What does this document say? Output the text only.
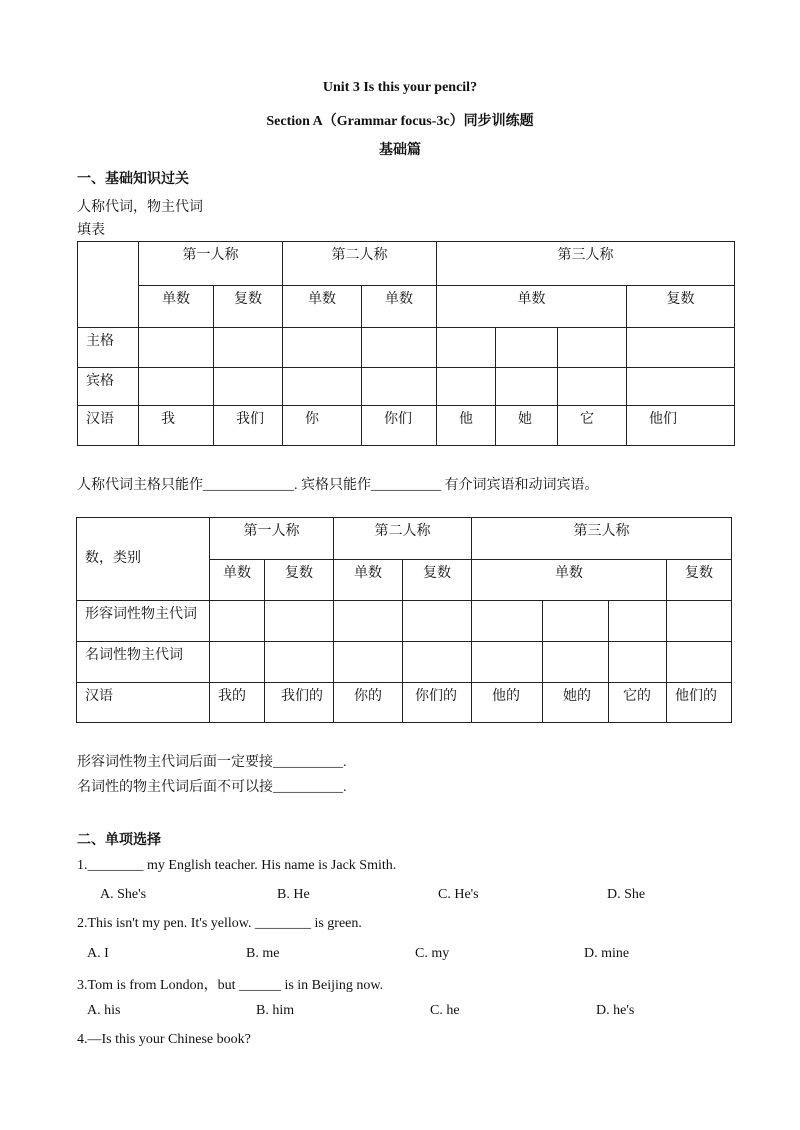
Unit 3 Is this your pencil?
Section A（Grammar focus-3c）同步训练题
基础篇
一、基础知识过关
人称代词，物主代词
填表
	第一人称		第二人称		第三人称			
	单数	复数	单数	单数	单数			复数
主格								
宾格								
汉语	我	我们	你	你们	他	她	它	他们
人称代词主格只能作_____________. 宾格只能作__________ 有介词宾语和动词宾语。
数，类别	第一人称		第二人称		第三人称			
	单数	复数	单数	复数	单数			复数
形容词性物主代词								
名词性物主代词								
汉语	我的	我们的	你的	你们的	他的	她的	它的	他们的
形容词性物主代词后面一定要接__________.
名词性的物主代词后面不可以接__________.
二、单项选择
1.________ my English teacher. His name is Jack Smith.
A. She's	B. He	C. He's	D. She
2.This isn't my pen. It's yellow. ________ is green.
A. I	B. me	C. my	D. mine
3.Tom is from London，but ______ is in Beijing now.
A. his	B. him	C. he	D. he's
4.—Is this your Chinese book?
